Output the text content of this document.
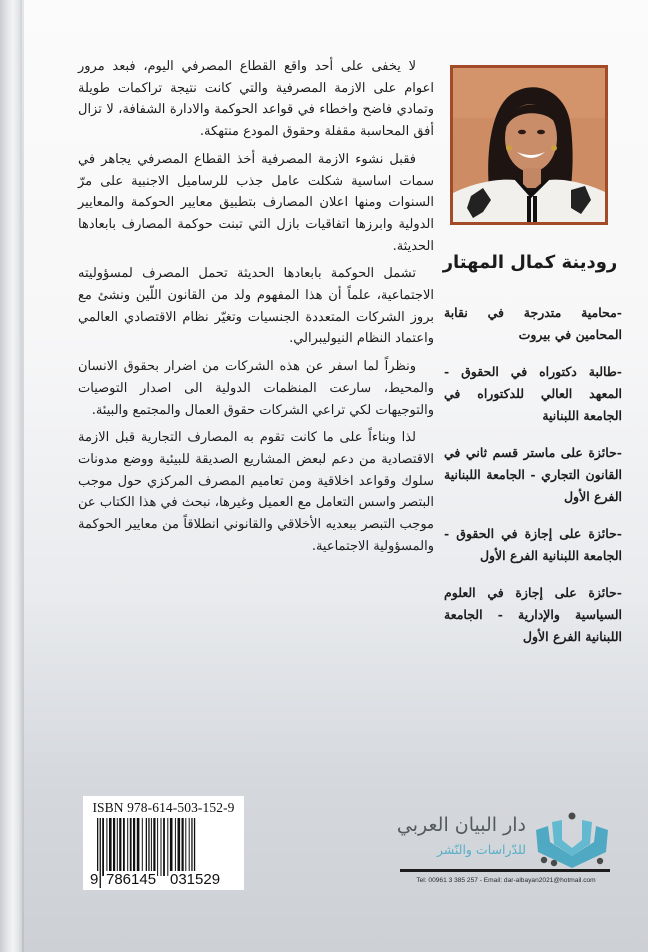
لا يخفى على أحد واقع القطاع المصرفي اليوم، فبعد مرور اعوام على الازمة المصرفية والتي كانت نتيجة تراكمات طويلة وتمادي فاضح واخطاء في قواعد الحوكمة والادارة الشفافة، لا تزال أفق المحاسبة مقفلة وحقوق المودع منتهكة.

فقبل نشوء الازمة المصرفية أخذ القطاع المصرفي يجاهر في سمات اساسية شكلت عامل جذب للرساميل الاجنبية على مرّ السنوات ومنها اعلان المصارف بتطبيق معايير الحوكمة والمعايير الدولية وابرزها اتفاقيات بازل التي تبنت حوكمة المصارف بابعادها الحديثة.

تشمل الحوكمة بابعادها الحديثة تحمل المصرف لمسؤوليته الاجتماعية، علماً أن هذا المفهوم ولد من القانون اللّين ونشئ مع بروز الشركات المتعددة الجنسيات وتغيّر نظام الاقتصادي العالمي واعتماد النظام النيوليبرالي.

ونظراً لما اسفر عن هذه الشركات من اضرار بحقوق الانسان والمحيط، سارعت المنظمات الدولية الى اصدار التوصيات والتوجيهات لكي تراعي الشركات حقوق العمال والمجتمع والبيئة.

لذا وبناءاً على ما كانت تقوم به المصارف التجارية قبل الازمة الاقتصادية من دعم لبعض المشاريع الصديقة للبيئية ووضع مدونات سلوك وقواعد اخلاقية ومن تعاميم المصرف المركزي حول موجب البتصر واسس التعامل مع العميل وغيرها، نبحث في هذا الكتاب عن موجب التبصر ببعديه الأخلاقي والقانوني انطلاقاً من معايير الحوكمة والمسؤولية الاجتماعية.

رودينة كمال المهتار
-محامية متدرجة في نقابة المحامين في بيروت
-طالبة دكتوراه في الحقوق - المعهد العالي للدكتوراه في الجامعة اللبنانية
-حائزة على ماستر قسم ثاني في القانون التجاري - الجامعة اللبنانية الفرع الأول
-حائزة على إجازة في الحقوق - الجامعة اللبنانية الفرع الأول
-حائزة على إجازة في العلوم السياسية والإدارية - الجامعة اللبنانية الفرع الأول
ISBN 978-614-503-152-9
9 786145 031529
دار البيان العربي
للدّراسات والنّشر
Tel: 00961 3 385 257 - Email: dar-albayan2021@hotmail.com
